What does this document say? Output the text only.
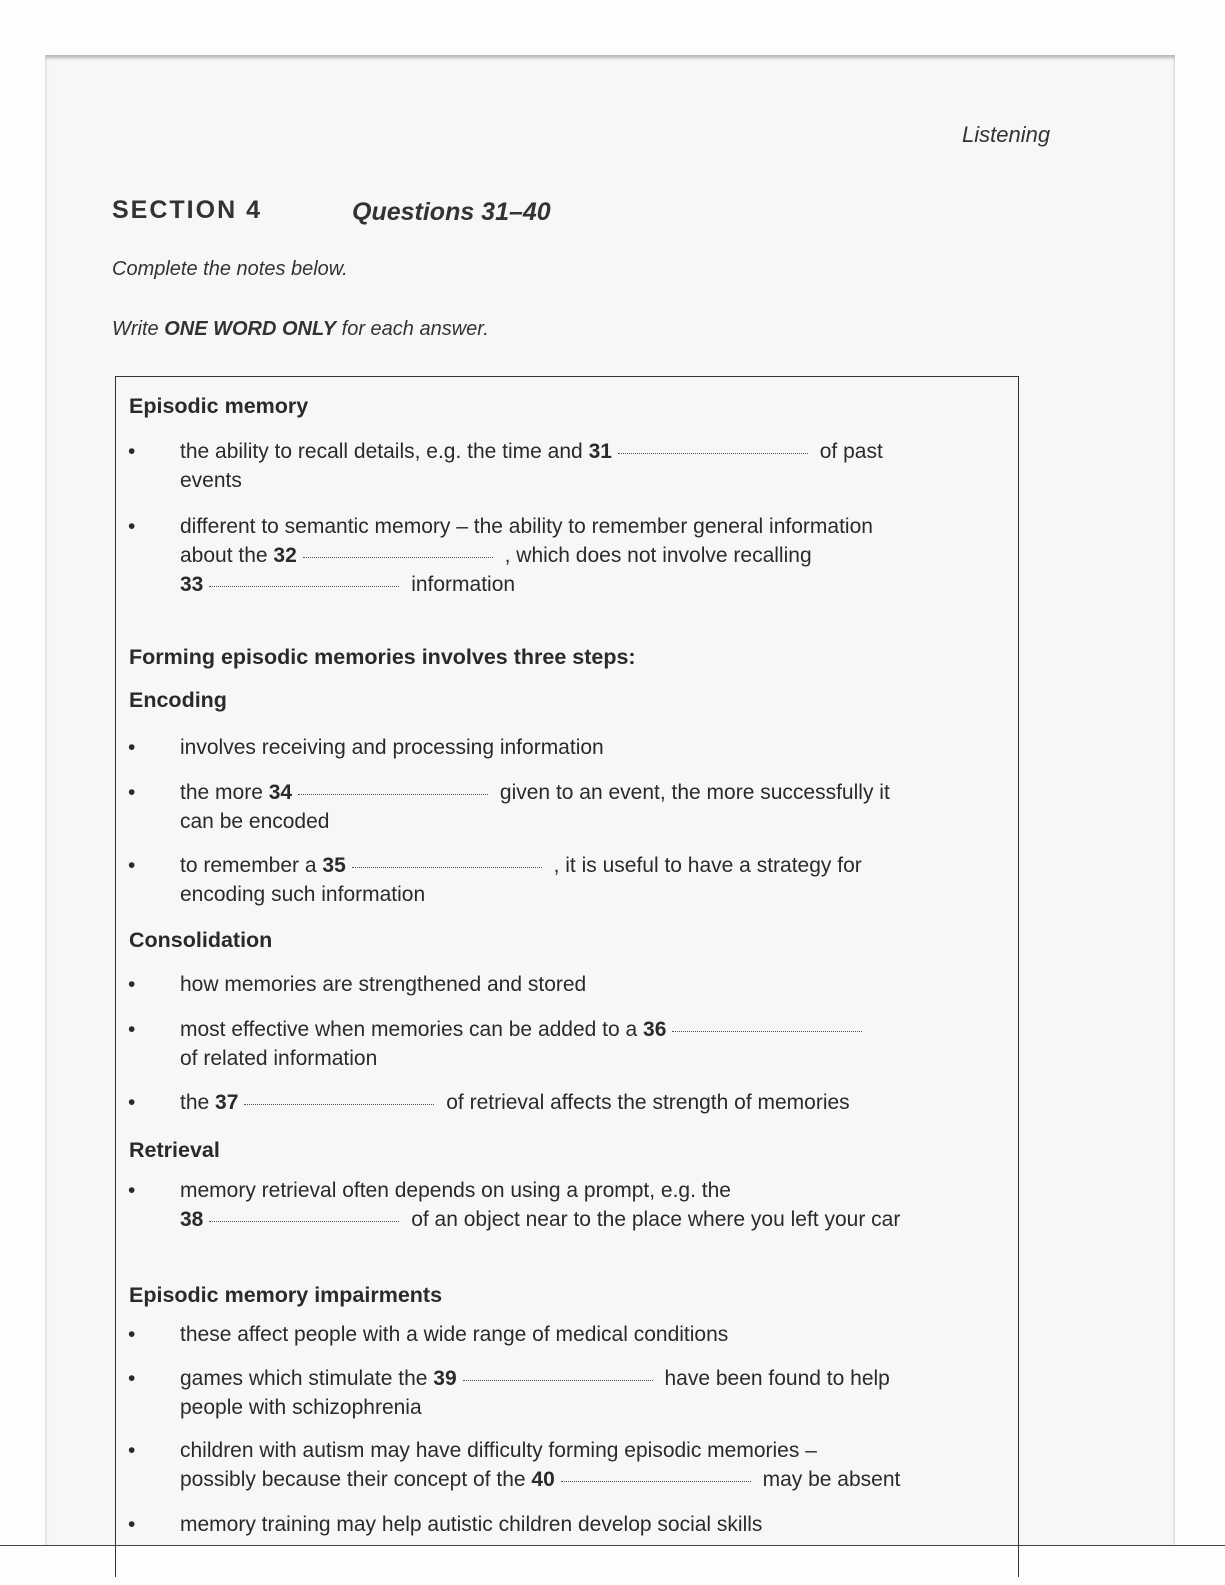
Listening
SECTION 4	Questions 31–40
Complete the notes below.
Write ONE WORD ONLY for each answer.
Episodic memory
• the ability to recall details, e.g. the time and 31	of past
events
• different to semantic memory – the ability to remember general information
about the 32	, which does not involve recalling
33	information
Forming episodic memories involves three steps:
Encoding
• involves receiving and processing information
• the more 34	given to an event, the more successfully it
can be encoded
• to remember a 35	, it is useful to have a strategy for
encoding such information
Consolidation
• how memories are strengthened and stored
• most effective when memories can be added to a 36
of related information
• the 37	of retrieval affects the strength of memories
Retrieval
• memory retrieval often depends on using a prompt, e.g. the
38	of an object near to the place where you left your car
Episodic memory impairments
• these affect people with a wide range of medical conditions
• games which stimulate the 39	have been found to help
people with schizophrenia
• children with autism may have difficulty forming episodic memories –
possibly because their concept of the 40	may be absent
• memory training may help autistic children develop social skills
